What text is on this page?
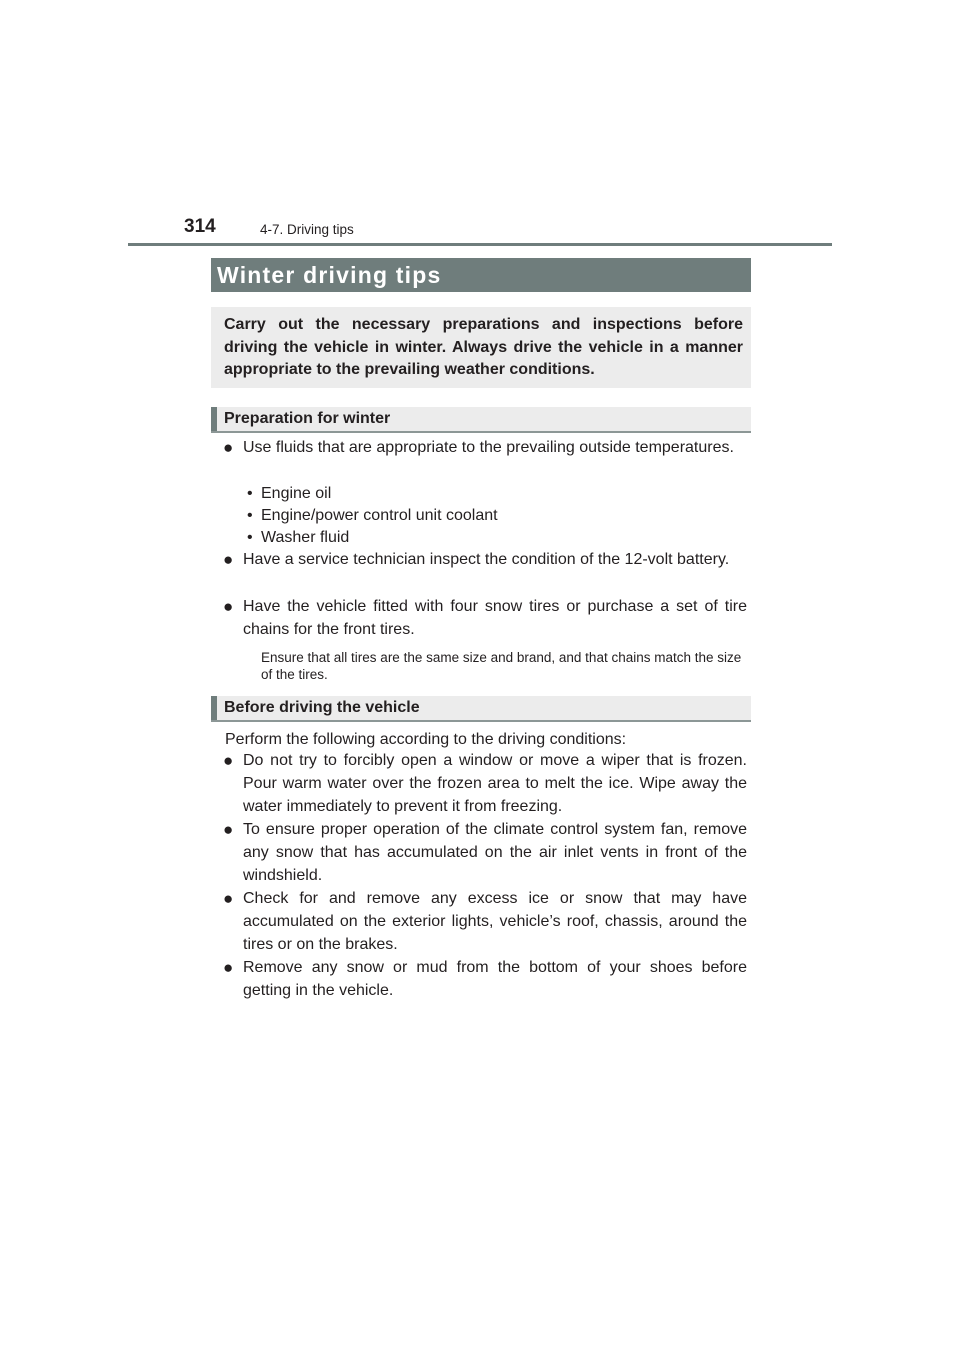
314	4-7. Driving tips
Winter driving tips
Carry out the necessary preparations and inspections before driving the vehicle in winter. Always drive the vehicle in a manner appropriate to the prevailing weather conditions.
Preparation for winter
● Use fluids that are appropriate to the prevailing outside temperatures.
• Engine oil
• Engine/power control unit coolant
• Washer fluid
● Have a service technician inspect the condition of the 12-volt battery.
● Have the vehicle fitted with four snow tires or purchase a set of tire chains for the front tires.
Ensure that all tires are the same size and brand, and that chains match the size of the tires.
Before driving the vehicle
Perform the following according to the driving conditions:
● Do not try to forcibly open a window or move a wiper that is frozen. Pour warm water over the frozen area to melt the ice. Wipe away the water immediately to prevent it from freezing.
● To ensure proper operation of the climate control system fan, remove any snow that has accumulated on the air inlet vents in front of the windshield.
● Check for and remove any excess ice or snow that may have accumulated on the exterior lights, vehicle’s roof, chassis, around the tires or on the brakes.
● Remove any snow or mud from the bottom of your shoes before getting in the vehicle.
